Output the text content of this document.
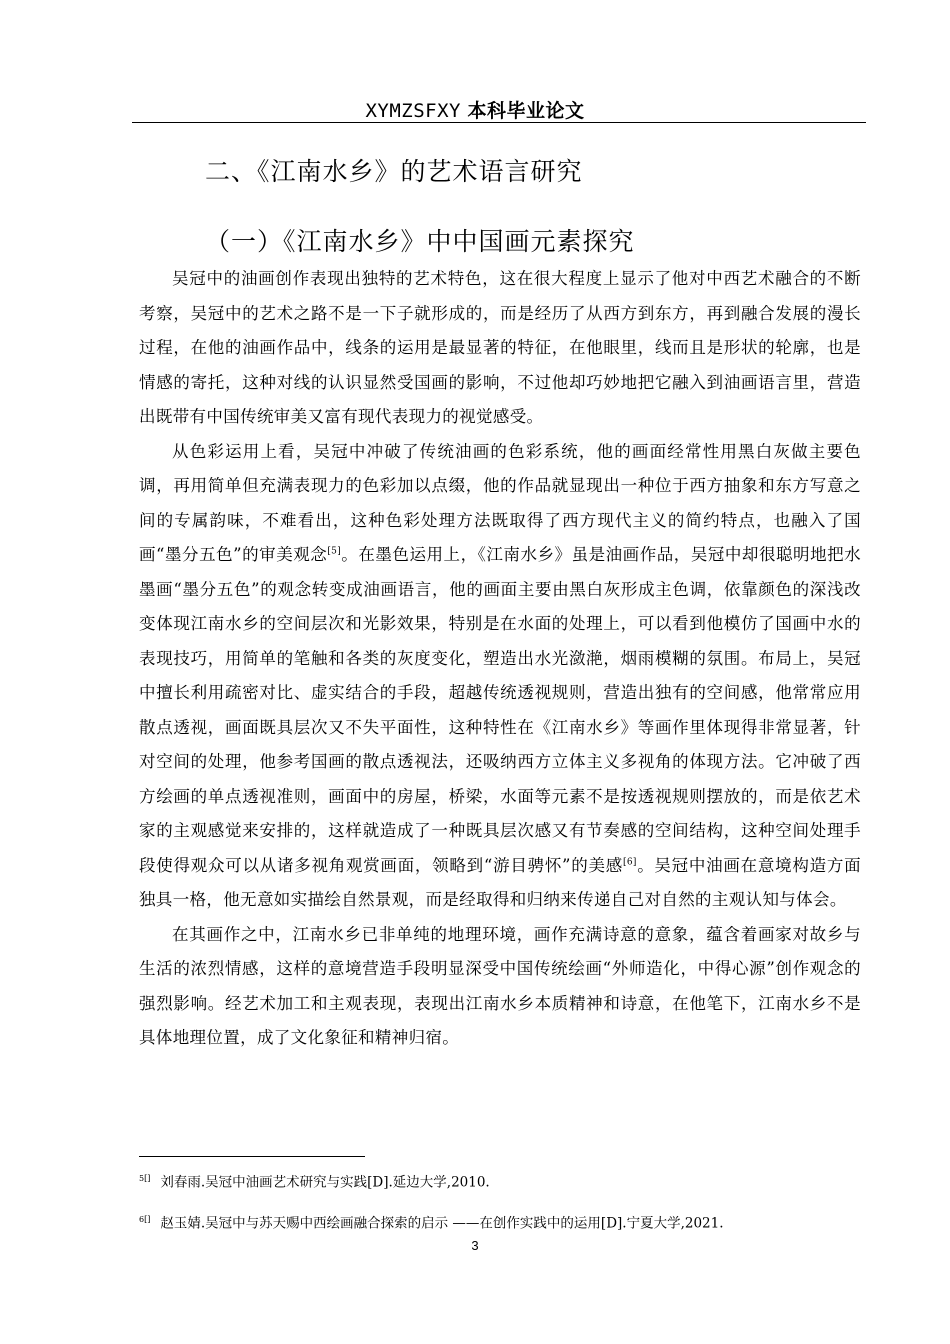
XYMZSFXY 本科毕业论文
二、《江南水乡》的艺术语言研究
（一）《江南水乡》中中国画元素探究

吴冠中的油画创作表现出独特的艺术特色，这在很大程度上显示了他对中西艺术融合的不断考察，吴冠中的艺术之路不是一下子就形成的，而是经历了从西方到东方，再到融合发展的漫长过程，在他的油画作品中，线条的运用是最显著的特征，在他眼里，线而且是形状的轮廓，也是情感的寄托，这种对线的认识显然受国画的影响，不过他却巧妙地把它融入到油画语言里，营造出既带有中国传统审美又富有现代表现力的视觉感受。

从色彩运用上看，吴冠中冲破了传统油画的色彩系统，他的画面经常性用黑白灰做主要色调，再用简单但充满表现力的色彩加以点缀，他的作品就显现出一种位于西方抽象和东方写意之间的专属韵味，不难看出，这种色彩处理方法既取得了西方现代主义的简约特点，也融入了国画“墨分五色”的审美观念[5]。在墨色运用上，《江南水乡》虽是油画作品，吴冠中却很聪明地把水墨画“墨分五色”的观念转变成油画语言，他的画面主要由黑白灰形成主色调，依靠颜色的深浅改变体现江南水乡的空间层次和光影效果，特别是在水面的处理上，可以看到他模仿了国画中水的表现技巧，用简单的笔触和各类的灰度变化，塑造出水光潋滟，烟雨模糊的氛围。布局上，吴冠中擅长利用疏密对比、虚实结合的手段，超越传统透视规则，营造出独有的空间感，他常常应用散点透视，画面既具层次又不失平面性，这种特性在《江南水乡》等画作里体现得非常显著，针对空间的处理，他参考国画的散点透视法，还吸纳西方立体主义多视角的体现方法。它冲破了西方绘画的单点透视准则，画面中的房屋，桥梁，水面等元素不是按透视规则摆放的，而是依艺术家的主观感觉来安排的，这样就造成了一种既具层次感又有节奏感的空间结构，这种空间处理手段使得观众可以从诸多视角观赏画面，领略到“游目骋怀”的美感[6]。吴冠中油画在意境构造方面独具一格，他无意如实描绘自然景观，而是经取得和归纳来传递自己对自然的主观认知与体会。

在其画作之中，江南水乡已非单纯的地理环境，画作充满诗意的意象，蕴含着画家对故乡与生活的浓烈情感，这样的意境营造手段明显深受中国传统绘画“外师造化，中得心源”创作观念的强烈影响。经艺术加工和主观表现，表现出江南水乡本质精神和诗意，在他笔下，江南水乡不是具体地理位置，成了文化象征和精神归宿。

$^{5[]}$ 刘春雨.吴冠中油画艺术研究与实践[D].延边大学,2010.
$^{6[]}$ 赵玉婧.吴冠中与苏天赐中西绘画融合探索的启示 ——在创作实践中的运用[D].宁夏大学,2021.
3
